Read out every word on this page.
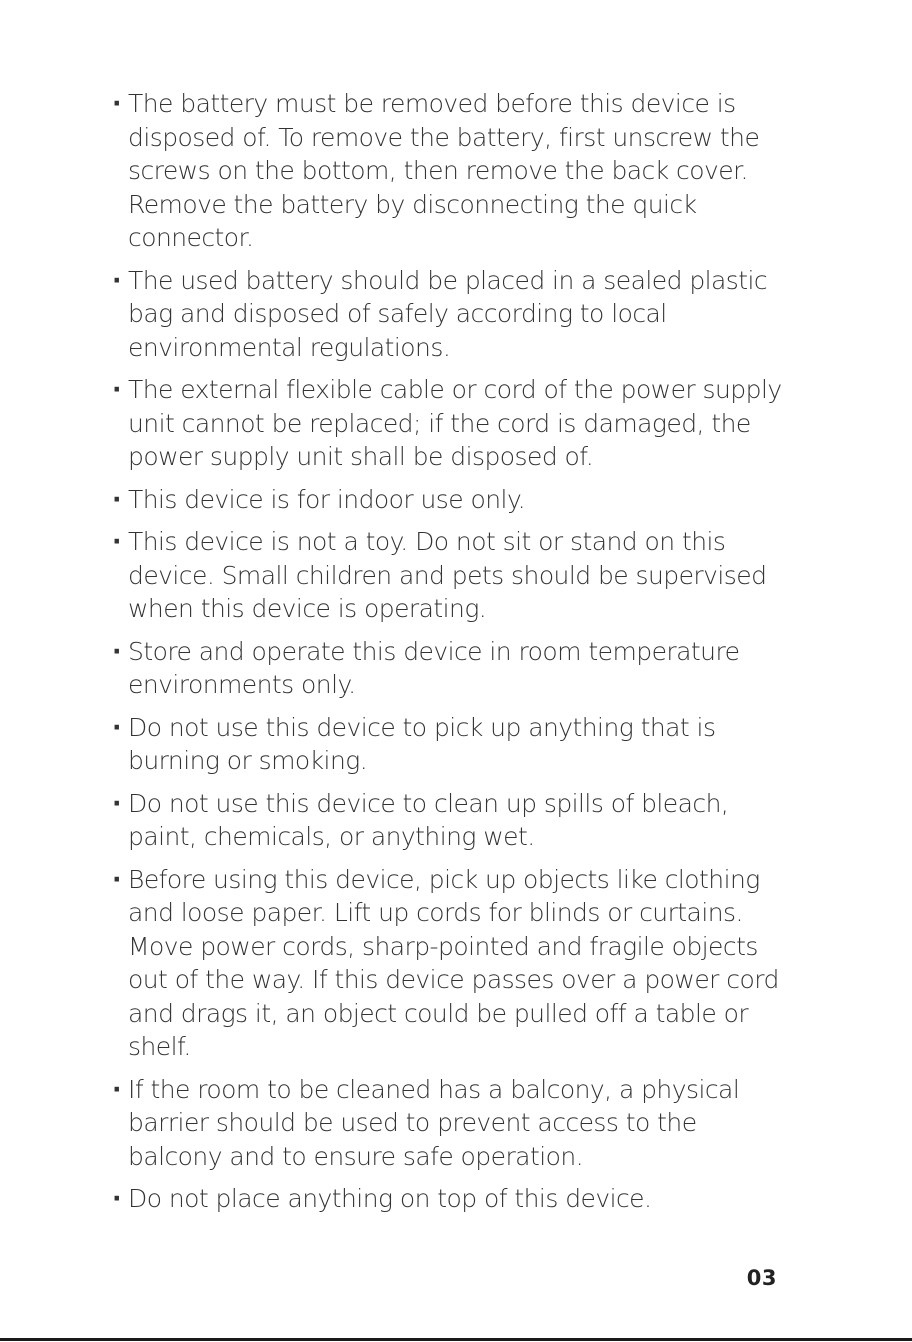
· The battery must be removed before this device is disposed of. To remove the battery, first unscrew the screws on the bottom, then remove the back cover. Remove the battery by disconnecting the quick connector.
· The used battery should be placed in a sealed plastic bag and disposed of safely according to local environmental regulations.
· The external flexible cable or cord of the power supply unit cannot be replaced; if the cord is damaged, the power supply unit shall be disposed of.
· This device is for indoor use only.
· This device is not a toy. Do not sit or stand on this device. Small children and pets should be supervised when this device is operating.
· Store and operate this device in room temperature environments only.
· Do not use this device to pick up anything that is burning or smoking.
· Do not use this device to clean up spills of bleach, paint, chemicals, or anything wet.
· Before using this device, pick up objects like clothing and loose paper. Lift up cords for blinds or curtains. Move power cords, sharp-pointed and fragile objects out of the way. If this device passes over a power cord and drags it, an object could be pulled off a table or shelf.
· If the room to be cleaned has a balcony, a physical barrier should be used to prevent access to the balcony and to ensure safe operation.
· Do not place anything on top of this device.
03
